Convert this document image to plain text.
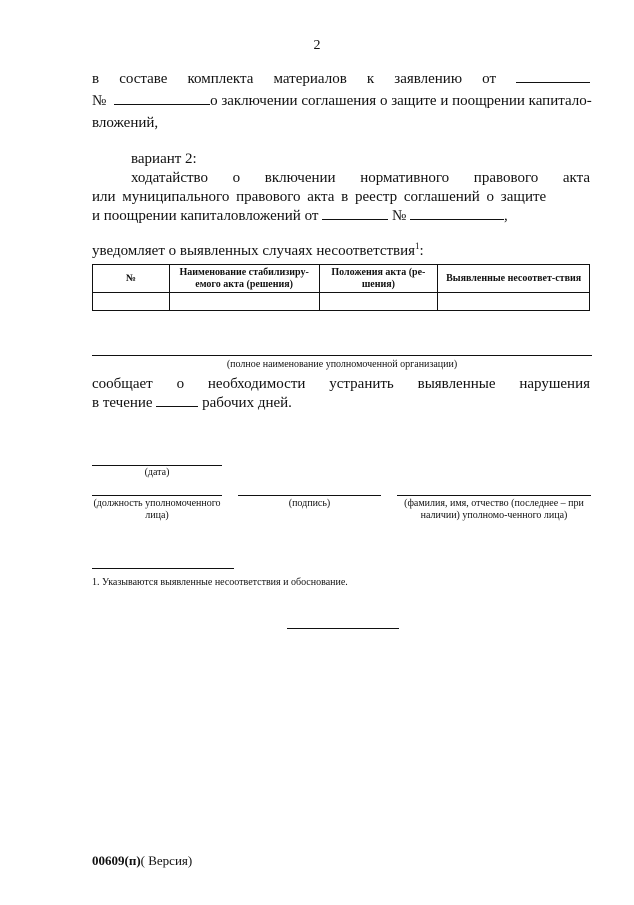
2
в составе комплекта материалов к заявлению от
№	о заключении соглашения о защите и поощрении капитало-
вложений,
вариант 2:
ходатайство о включении нормативного правового акта
или муниципального правового акта в реестр соглашений о защите
и поощрении капиталовложений от	№	,
уведомляет о выявленных случаях несоответствия$^1$:
№	Наименование стабилизиру-емого акта (решения)	Положения акта (ре-шения)	Выявленные несоответ-ствия

(полное наименование уполномоченной организации)
сообщает о необходимости устранить выявленные нарушения
в течение	рабочих дней.
(дата)
(должность уполномоченного лица)
(подпись)	(фамилия, имя, отчество (последнее – при наличии) уполномо-ченного лица)
1. Указываются выявленные несоответствия и обоснование.
00609(п)( Версия)
